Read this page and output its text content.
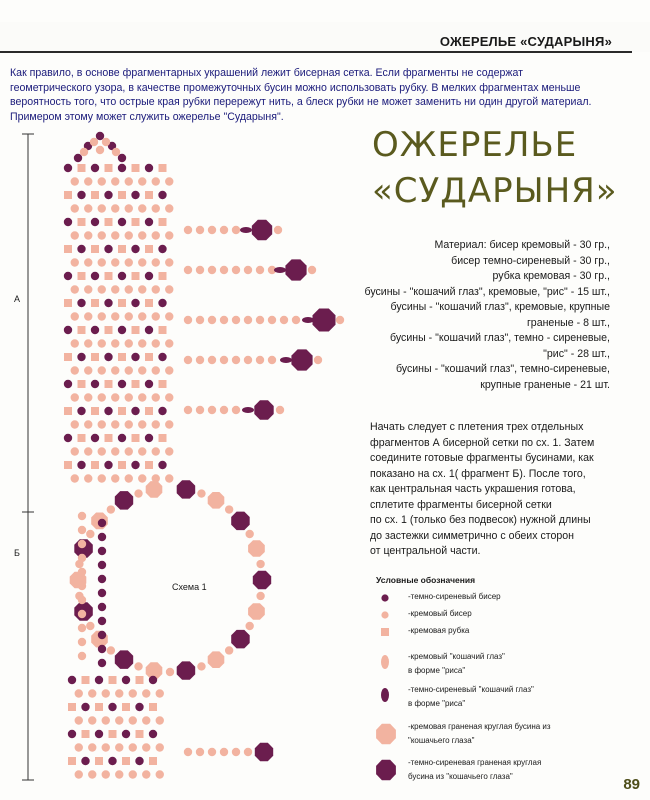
ОЖЕРЕЛЬЕ «СУДАРЫНЯ»
Как правило, в основе фрагментарных украшений лежит бисерная сетка. Если фрагменты не содержат
геометрического узора, в качестве промежуточных бусин можно использовать рубку. В мелких фрагментах меньше
вероятность того, что острые края рубки перережут нить, а блеск рубки не может заменить ни один другой материал.
Примером этому может служить ожерелье "Сударыня".
ОЖЕРЕЛЬЕ
«СУДАРЫНЯ»
Материал: бисер кремовый - 30 гр.,
бисер темно-сиреневый - 30 гр.,
рубка кремовая - 30 гр.,
бусины - "кошачий глаз", кремовые, "рис" - 15 шт.,
бусины - "кошачий глаз", кремовые, крупные
граненые - 8 шт.,
бусины - "кошачий глаз", темно - сиреневые,
"рис" - 28 шт.,
бусины - "кошачий глаз", темно-сиреневые,
крупные граненые - 21 шт.
Начать следует с плетения трех отдельных
фрагментов А бисерной сетки по сх. 1. Затем
соедините готовые фрагменты бусинами, как
показано на сх. 1( фрагмент Б). После того,
как центральная часть украшения готова,
сплетите фрагменты бисерной сетки
по сх. 1 (только без подвесок) нужной длины
до застежки симметрично с обеих сторон
от центральной части.
Условные обозначения
-темно-сиреневый бисер
-кремовый бисер
-кремовая рубка
-кремовый "кошачий глаз"
в форме "риса"
-темно-сиреневый "кошачий глаз"
в форме "риса"
-кремовая граненая круглая бусина из
"кошачьего глаза"
-темно-сиреневая граненая круглая
бусина из "кошачьего глаза"
А
Б
Схема 1
89
